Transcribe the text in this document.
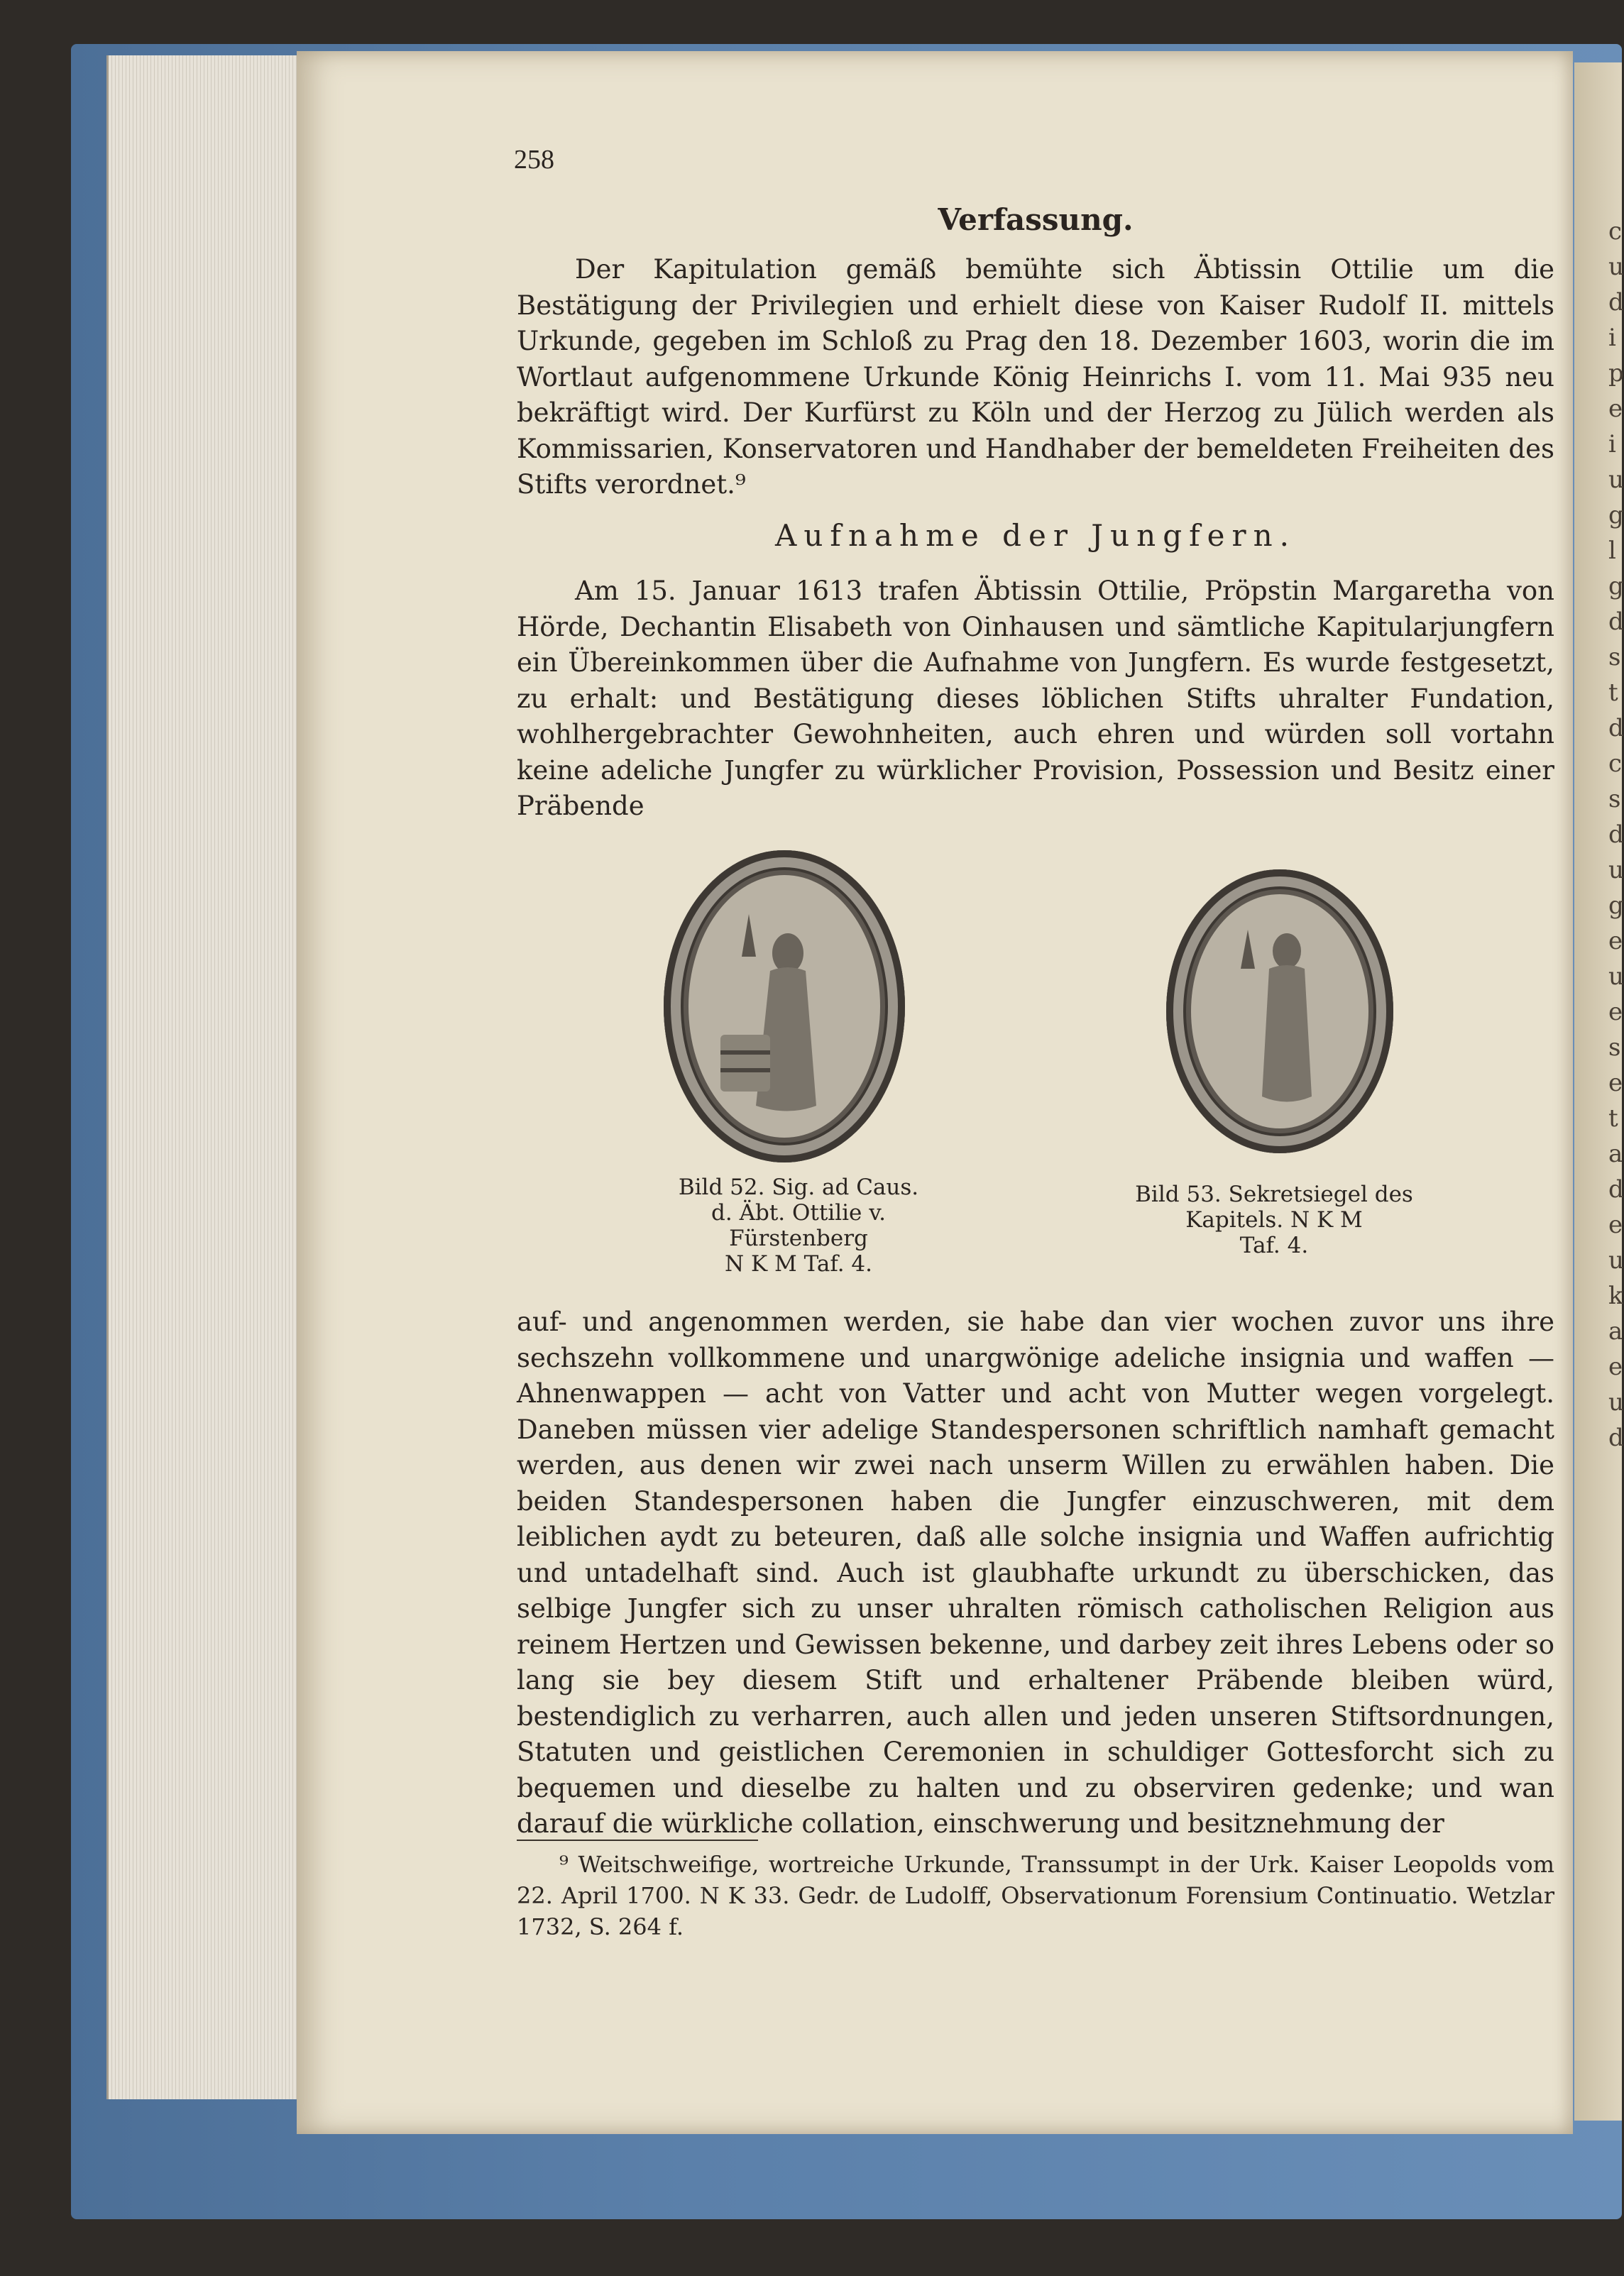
c
u
d
i
p
e
i
u
g
l
g
d
s
t
d
c
s
d
u
g
e
u
e
s
e
t
a
d
e
u
k
a
e
u
d
258
Verfassung.
Der Kapitulation gemäß bemühte sich Äbtissin Ottilie um die Bestätigung der Privilegien und erhielt diese von Kaiser Rudolf II. mittels Urkunde, gegeben im Schloß zu Prag den 18. Dezember 1603, worin die im Wortlaut aufgenommene Urkunde König Heinrichs I. vom 11. Mai 935 neu bekräftigt wird. Der Kurfürst zu Köln und der Herzog zu Jülich werden als Kommissarien, Konservatoren und Handhaber der bemeldeten Freiheiten des Stifts verordnet.⁹
Aufnahme der Jungfern.
Am 15. Januar 1613 trafen Äbtissin Ottilie, Pröpstin Margaretha von Hörde, Dechantin Elisabeth von Oinhausen und sämtliche Kapitularjungfern ein Übereinkommen über die Aufnahme von Jungfern. Es wurde festgesetzt, zu erhalt: und Bestätigung dieses löblichen Stifts uhralter Fundation, wohlhergebrachter Gewohnheiten, auch ehren und würden soll vortahn keine adeliche Jungfer zu würklicher Provision, Possession und Besitz einer Präbende
Bild 52. Sig. ad Caus.
d. Äbt. Ottilie v. Fürstenberg
N K M Taf. 4.
Bild 53. Sekretsiegel des
Kapitels. N K M
Taf. 4.
auf- und angenommen werden, sie habe dan vier wochen zuvor uns ihre sechszehn vollkommene und unargwönige adeliche insignia und waffen — Ahnenwappen — acht von Vatter und acht von Mutter wegen vorgelegt. Daneben müssen vier adelige Standespersonen schriftlich namhaft gemacht werden, aus denen wir zwei nach unserm Willen zu erwählen haben. Die beiden Standespersonen haben die Jungfer einzuschweren, mit dem leiblichen aydt zu beteuren, daß alle solche insignia und Waffen aufrichtig und untadelhaft sind. Auch ist glaubhafte urkundt zu überschicken, das selbige Jungfer sich zu unser uhralten römisch catholischen Religion aus reinem Hertzen und Gewissen bekenne, und darbey zeit ihres Lebens oder so lang sie bey diesem Stift und erhaltener Präbende bleiben würd, bestendiglich zu verharren, auch allen und jeden unseren Stiftsordnungen, Statuten und geistlichen Ceremonien in schuldiger Gottesforcht sich zu bequemen und dieselbe zu halten und zu observiren gedenke; und wan darauf die würkliche collation, einschwerung und besitznehmung der
⁹ Weitschweifige, wortreiche Urkunde, Transsumpt in der Urk. Kaiser Leopolds vom 22. April 1700. N K 33. Gedr. de Ludolff, Observationum Forensium Continuatio. Wetzlar 1732, S. 264 f.
